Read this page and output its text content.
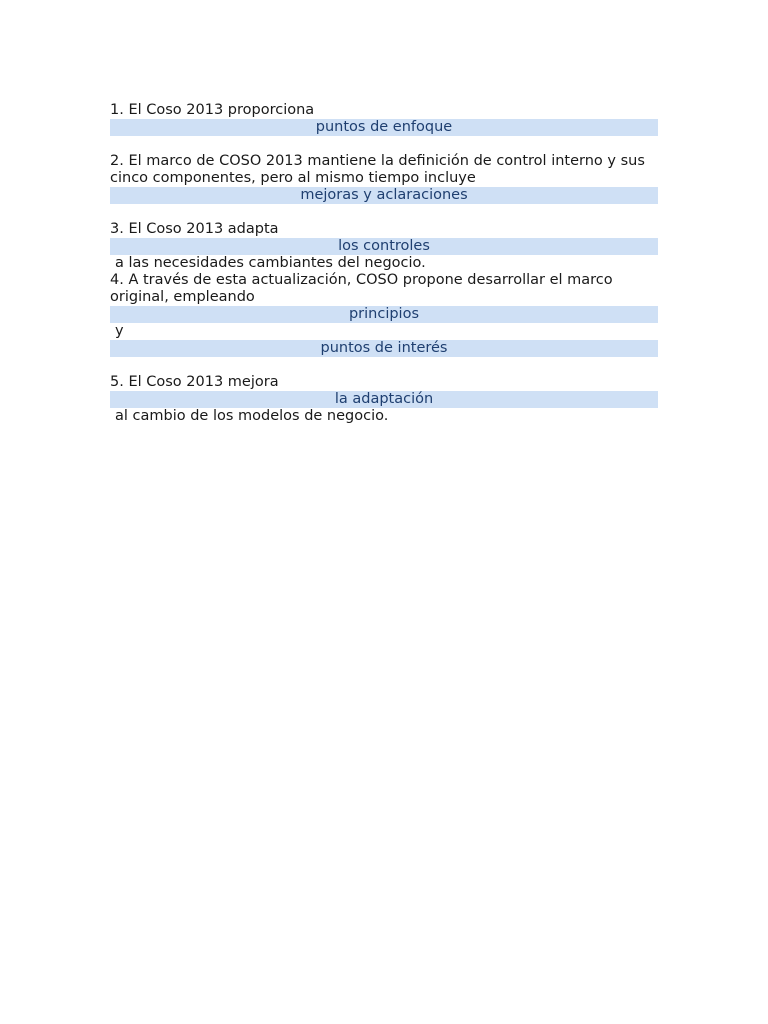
1. El Coso 2013 proporciona
puntos de enfoque
2. El marco de COSO 2013 mantiene la definición de control interno y sus cinco componentes, pero al mismo tiempo incluye
mejoras y aclaraciones
3. El Coso 2013 adapta
los controles
a las necesidades cambiantes del negocio.
4. A través de esta actualización, COSO propone desarrollar el marco original, empleando
principios
y
puntos de interés
5. El Coso 2013 mejora
la adaptación
al cambio de los modelos de negocio.
